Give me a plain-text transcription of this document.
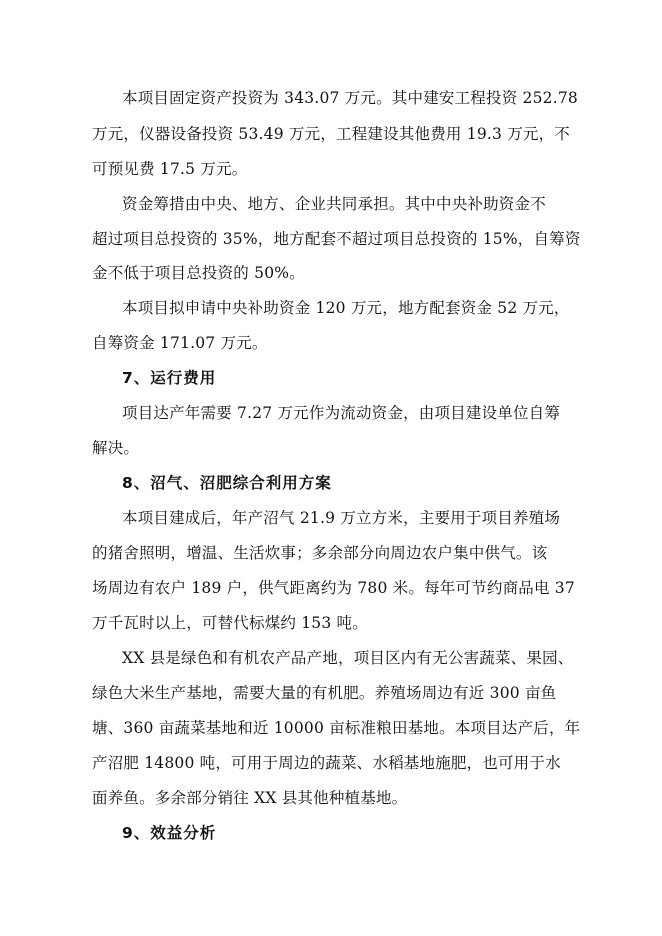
本项目固定资产投资为 343.07 万元。其中建安工程投资 252.78
万元，仪器设备投资 53.49 万元，工程建设其他费用 19.3 万元，不
可预见费 17.5 万元。
资金筹措由中央、地方、企业共同承担。其中中央补助资金不
超过项目总投资的 35%，地方配套不超过项目总投资的 15%，自筹资
金不低于项目总投资的 50%。
本项目拟申请中央补助资金 120 万元，地方配套资金 52 万元，
自筹资金 171.07 万元。
7、运行费用
项目达产年需要 7.27 万元作为流动资金，由项目建设单位自筹
解决。
8、沼气、沼肥综合利用方案
本项目建成后，年产沼气 21.9 万立方米，主要用于项目养殖场
的猪舍照明，增温、生活炊事；多余部分向周边农户集中供气。该
场周边有农户 189 户，供气距离约为 780 米。每年可节约商品电 37
万千瓦时以上，可替代标煤约 153 吨。
XX 县是绿色和有机农产品产地，项目区内有无公害蔬菜、果园、
绿色大米生产基地，需要大量的有机肥。养殖场周边有近 300 亩鱼
塘、360 亩蔬菜基地和近 10000 亩标准粮田基地。本项目达产后，年
产沼肥 14800 吨，可用于周边的蔬菜、水稻基地施肥，也可用于水
面养鱼。多余部分销往 XX 县其他种植基地。
9、效益分析
